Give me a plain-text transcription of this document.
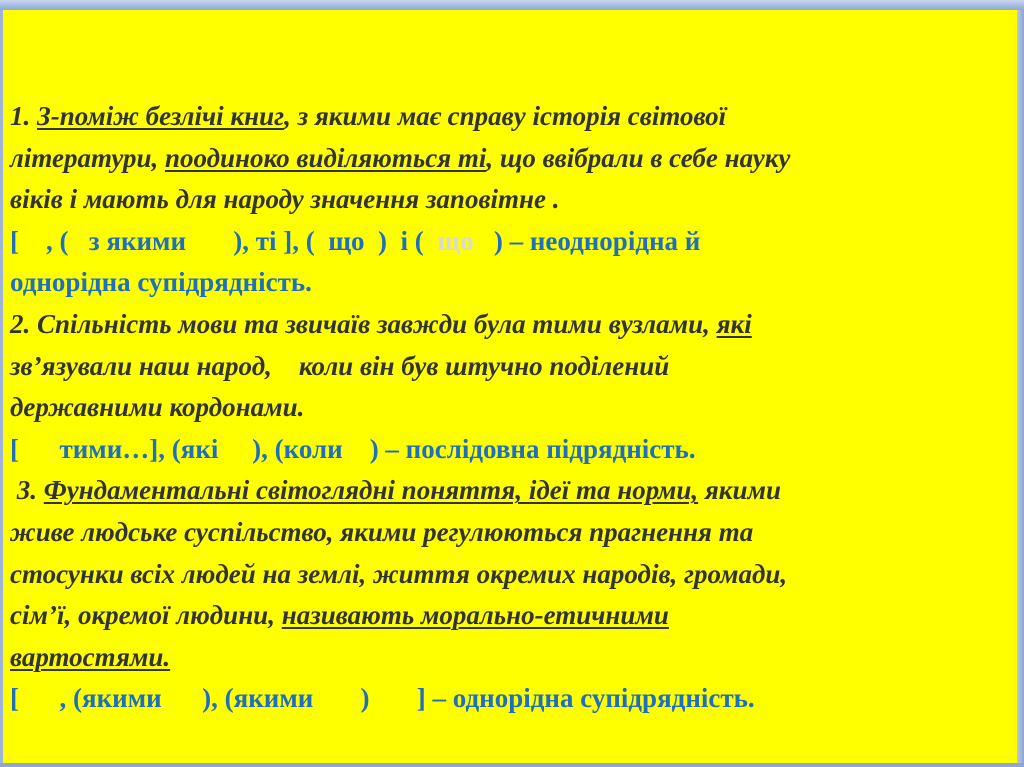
1. З-поміж безлічі книг, з якими має справу історія світової
літератури, поодиноко виділяються ті, що ввібрали в себе науку
віків і мають для народу значення заповітне .
[    , (   з якими       ), ті ], (  що  )  і (  що   ) – неоднорідна й
однорідна супідрядність.
2. Спільність мови та звичаїв завжди була тими вузлами, які
зв’язували наш народ,    коли він був штучно поділений
державними кордонами.
[      тими…], (які     ), (коли    ) – послідовна підрядність.
3. Фундаментальні світоглядні поняття, ідеї та норми, якими
живе людське суспільство, якими регулюються прагнення та
стосунки всіх людей на землі, життя окремих народів, громади,
сім’ї, окремої людини, називають морально-етичними
вартостями.
[      , (якими      ), (якими       )       ] – однорідна супідрядність.
